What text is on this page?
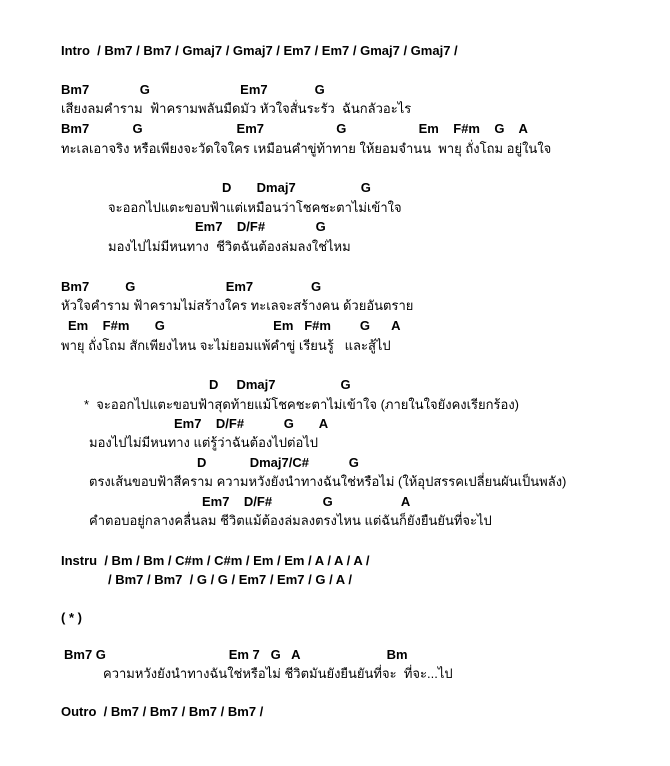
Intro  / Bm7 / Bm7 / Gmaj7 / Gmaj7 / Em7 / Em7 / Gmaj7 / Gmaj7 /
Bm7              G                         Em7             G
เสียงลมคำราม  ฟ้าครามพลันมืดมัว หัวใจสั่นระรัว  ฉันกลัวอะไร
Bm7            G                          Em7                    G                    Em    F#m    G    A
ทะเลเอาจริง หรือเพียงจะวัดใจใคร เหมือนคำขู่ท้าทาย ให้ยอมจำนน  พายุ ถั่งโถม อยู่ในใจ
D       Dmaj7                  G
จะออกไปแตะขอบฟ้าแต่เหมือนว่าโชคชะตาไม่เข้าใจ
Em7    D/F#              G
มองไปไม่มีหนทาง  ชีวิตฉันต้องล่มลงใช่ไหม
Bm7          G                         Em7                G
หัวใจคำราม ฟ้าครามไม่สร้างใคร ทะเลจะสร้างคน ด้วยอันตราย
Em    F#m       G                              Em   F#m        G      A
พายุ ถั่งโถม สักเพียงไหน จะไม่ยอมแพ้คำขู่ เรียนรู้   และสู้ไป
D     Dmaj7                  G
*  จะออกไปแตะขอบฟ้าสุดท้ายแม้โชคชะตาไม่เข้าใจ (ภายในใจยังคงเรียกร้อง)
Em7    D/F#           G       A
มองไปไม่มีหนทาง แต่รู้ว่าฉันต้องไปต่อไป
D            Dmaj7/C#           G
ตรงเส้นขอบฟ้าสีคราม ความหวังยังนำทางฉันใช่หรือไม่ (ให้อุปสรรคเปลี่ยนผันเป็นพลัง)
Em7    D/F#              G                   A
คำตอบอยู่กลางคลื่นลม ชีวิตแม้ต้องล่มลงตรงไหน แต่ฉันก็ยังยืนยันที่จะไป
Instru  / Bm / Bm / C#m / C#m / Em / Em / A / A / A /
/ Bm7 / Bm7  / G / G / Em7 / Em7 / G / A /
( * )
Bm7 G                                  Em 7   G   A                        Bm
ความหวังยังนำทางฉันใช่หรือไม่ ชีวิตมันยังยืนยันที่จะ  ที่จะ...ไป
Outro  / Bm7 / Bm7 / Bm7 / Bm7 /
